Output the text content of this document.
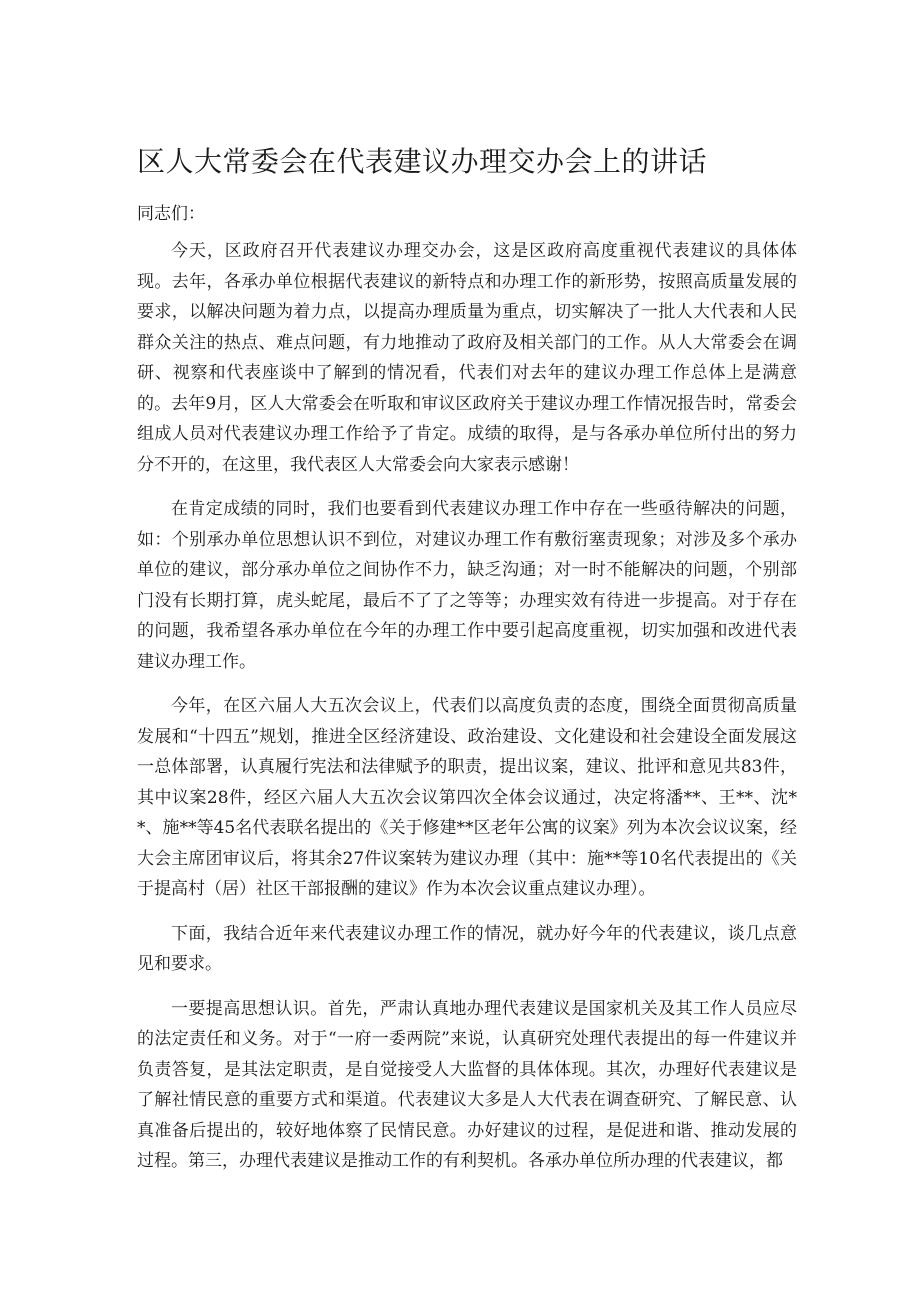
区人大常委会在代表建议办理交办会上的讲话

同志们：

今天，区政府召开代表建议办理交办会，这是区政府高度重视代表建议的具体体现。去年，各承办单位根据代表建议的新特点和办理工作的新形势，按照高质量发展的要求，以解决问题为着力点，以提高办理质量为重点，切实解决了一批人大代表和人民群众关注的热点、难点问题，有力地推动了政府及相关部门的工作。从人大常委会在调研、视察和代表座谈中了解到的情况看，代表们对去年的建议办理工作总体上是满意的。去年9月，区人大常委会在听取和审议区政府关于建议办理工作情况报告时，常委会组成人员对代表建议办理工作给予了肯定。成绩的取得，是与各承办单位所付出的努力分不开的，在这里，我代表区人大常委会向大家表示感谢！

在肯定成绩的同时，我们也要看到代表建议办理工作中存在一些亟待解决的问题，如：个别承办单位思想认识不到位，对建议办理工作有敷衍塞责现象；对涉及多个承办单位的建议，部分承办单位之间协作不力，缺乏沟通；对一时不能解决的问题，个别部门没有长期打算，虎头蛇尾，最后不了了之等等；办理实效有待进一步提高。对于存在的问题，我希望各承办单位在今年的办理工作中要引起高度重视，切实加强和改进代表建议办理工作。

今年，在区六届人大五次会议上，代表们以高度负责的态度，围绕全面贯彻高质量发展和“十四五”规划，推进全区经济建设、政治建设、文化建设和社会建设全面发展这一总体部署，认真履行宪法和法律赋予的职责，提出议案，建议、批评和意见共83件，其中议案28件，经区六届人大五次会议第四次全体会议通过，决定将潘**、王**、沈**、施**等45名代表联名提出的《关于修建**区老年公寓的议案》列为本次会议议案，经大会主席团审议后，将其余27件议案转为建议办理（其中：施**等10名代表提出的《关于提高村（居）社区干部报酬的建议》作为本次会议重点建议办理）。

下面，我结合近年来代表建议办理工作的情况，就办好今年的代表建议，谈几点意见和要求。

一要提高思想认识。首先，严肃认真地办理代表建议是国家机关及其工作人员应尽的法定责任和义务。对于“一府一委两院”来说，认真研究处理代表提出的每一件建议并负责答复，是其法定职责，是自觉接受人大监督的具体体现。其次，办理好代表建议是了解社情民意的重要方式和渠道。代表建议大多是人大代表在调查研究、了解民意、认真准备后提出的，较好地体察了民情民意。办好建议的过程，是促进和谐、推动发展的过程。第三，办理代表建议是推动工作的有利契机。各承办单位所办理的代表建议，都
